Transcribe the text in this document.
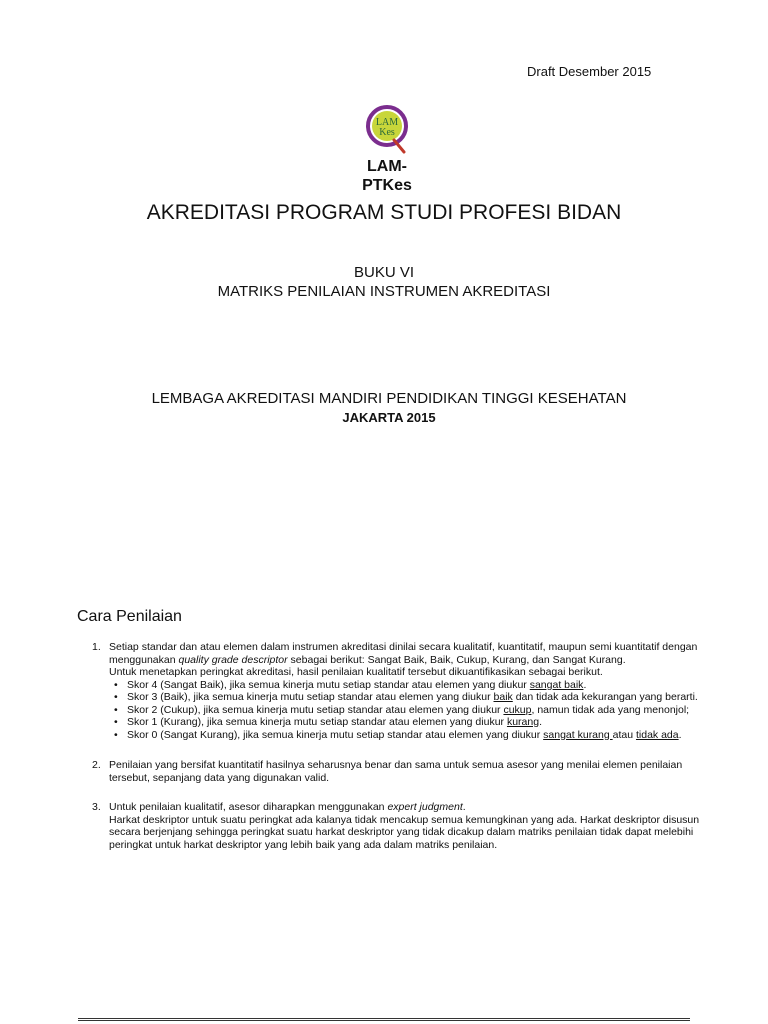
Draft Desember 2015
LAM
Kes
LAM-
PTKes
AKREDITASI PROGRAM STUDI PROFESI BIDAN
BUKU VI
MATRIKS PENILAIAN INSTRUMEN AKREDITASI
LEMBAGA AKREDITASI MANDIRI PENDIDIKAN TINGGI KESEHATAN
JAKARTA 2015
Cara Penilaian
1. Setiap standar dan atau elemen dalam instrumen akreditasi dinilai secara kualitatif, kuantitatif, maupun semi kuantitatif dengan menggunakan quality grade descriptor sebagai berikut: Sangat Baik, Baik, Cukup, Kurang, dan Sangat Kurang.
Untuk menetapkan peringkat akreditasi, hasil penilaian kualitatif tersebut dikuantifikasikan sebagai berikut.
• Skor 4 (Sangat Baik), jika semua kinerja mutu setiap standar atau elemen yang diukur sangat baik.
• Skor 3 (Baik), jika semua kinerja mutu setiap standar atau elemen yang diukur baik dan tidak ada kekurangan yang berarti.
• Skor 2 (Cukup), jika semua kinerja mutu setiap standar atau elemen yang diukur cukup, namun tidak ada yang menonjol;
• Skor 1 (Kurang), jika semua kinerja mutu setiap standar atau elemen yang diukur kurang.
• Skor 0 (Sangat Kurang), jika semua kinerja mutu setiap standar atau elemen yang diukur sangat kurang atau tidak ada.
2. Penilaian yang bersifat kuantitatif hasilnya seharusnya benar dan sama untuk semua asesor yang menilai elemen penilaian tersebut, sepanjang data yang digunakan valid.
3. Untuk penilaian kualitatif, asesor diharapkan menggunakan expert judgment.
Harkat deskriptor untuk suatu peringkat ada kalanya tidak mencakup semua kemungkinan yang ada. Harkat deskriptor disusun secara berjenjang sehingga peringkat suatu harkat deskriptor yang tidak dicakup dalam matriks penilaian tidak dapat melebihi peringkat untuk harkat deskriptor yang lebih baik yang ada dalam matriks penilaian.
